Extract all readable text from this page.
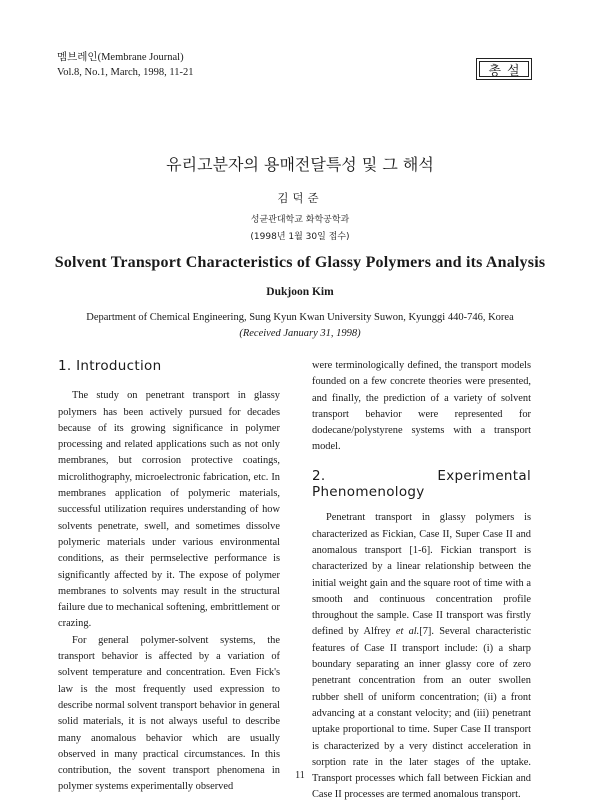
멤브레인(Membrane Journal)
Vol.8, No.1, March, 1998, 11-21	총설
유리고분자의 용매전달특성 및 그 해석
김덕준
성균관대학교 화학공학과
(1998년 1월 30일 접수)
Solvent Transport Characteristics of Glassy Polymers and its Analysis
Dukjoon Kim
Department of Chemical Engineering, Sung Kyun Kwan University Suwon, Kyunggi 440-746, Korea
(Received January 31, 1998)
1. Introduction

The study on penetrant transport in glassy polymers has been actively pursued for decades because of its growing significance in polymer processing and related applications such as not only membranes, but corrosion protective coatings, microlithography, microelectronic fabrication, etc. In membranes application of polymeric materials, successful utilization requires understanding of how solvents penetrate, swell, and sometimes dissolve polymeric materials under various environmental conditions, as their permselective performance is significantly affected by it. The expose of polymer membranes to solvents may result in the structural failure due to mechanical softening, embrittlement or crazing.

For general polymer-solvent systems, the transport behavior is affected by a variation of solvent temperature and concentration. Even Fick's law is the most frequently used expression to describe normal solvent transport behavior in general solid materials, it is not always useful to describe many anomalous behavior which are usually observed in many practical circumstances. In this contribution, the sovent transport phenomena in polymer systems experimentally observed

were terminologically defined, the transport models founded on a few concrete theories were presented, and finally, the prediction of a variety of solvent transport behavior were represented for dodecane/polystyrene systems with a transport model.

2. Experimental Phenomenology

Penetrant transport in glassy polymers is characterized as Fickian, Case II, Super Case II and anomalous transport [1-6]. Fickian transport is characterized by a linear relationship between the initial weight gain and the square root of time with a smooth and continuous concentration profile throughout the sample. Case II transport was firstly defined by Alfrey et al.[7]. Several characteristic features of Case II transport include: (i) a sharp boundary separating an inner glassy core of zero penetrant concentration from an outer swollen rubber shell of uniform concentration; (ii) a front advancing at a constant velocity; and (iii) penetrant uptake proportional to time. Super Case II transport is characterized by a very distinct acceleration in sorption rate in the later stages of the uptake. Transport processes which fall between Fickian and Case II processes are termed anomalous transport.

11
